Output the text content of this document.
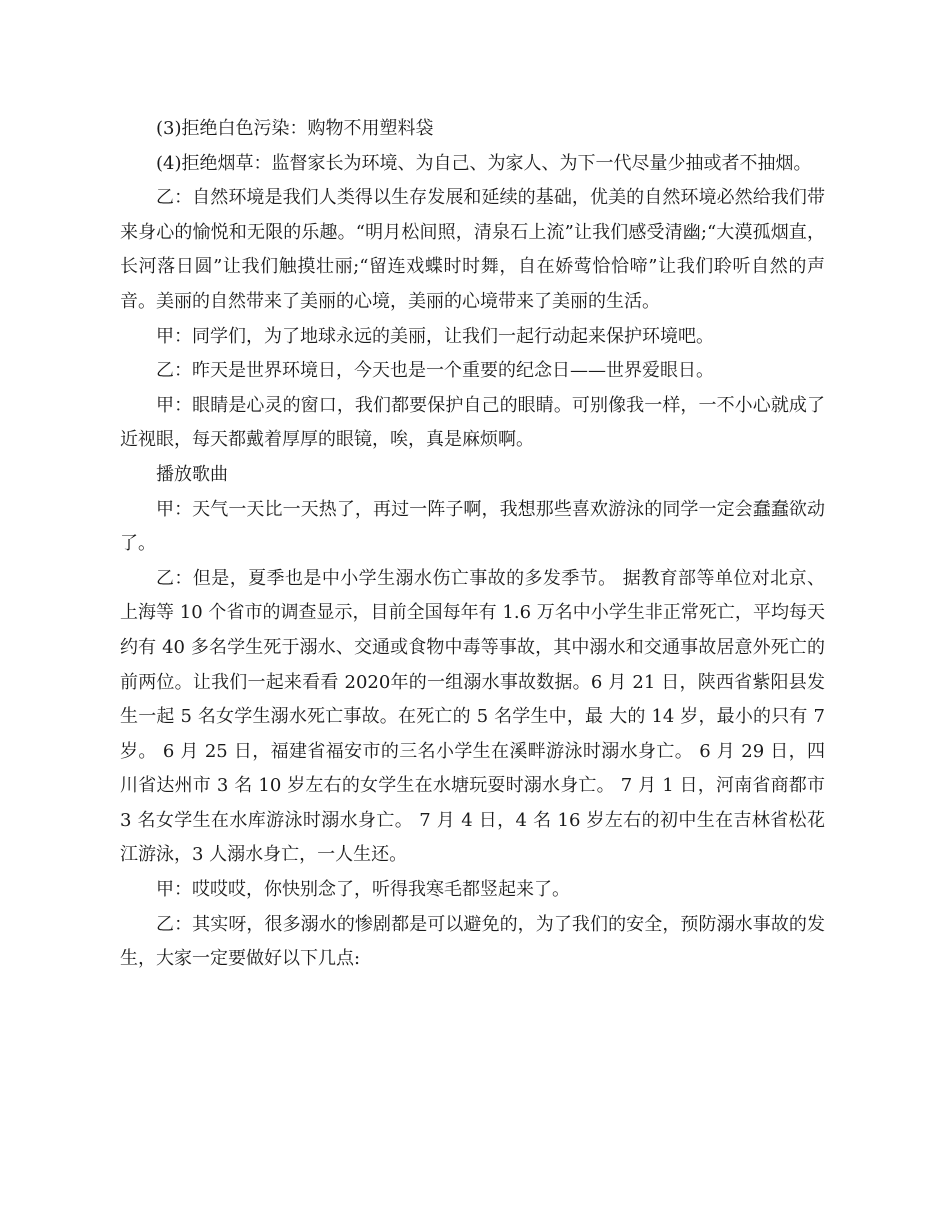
(3)拒绝白色污染：购物不用塑料袋

(4)拒绝烟草：监督家长为环境、为自己、为家人、为下一代尽量少抽或者不抽烟。

乙：自然环境是我们人类得以生存发展和延续的基础，优美的自然环境必然给我们带来身心的愉悦和无限的乐趣。“明月松间照，清泉石上流”让我们感受清幽;“大漠孤烟直，长河落日圆”让我们触摸壮丽;“留连戏蝶时时舞，自在娇莺恰恰啼”让我们聆听自然的声音。美丽的自然带来了美丽的心境，美丽的心境带来了美丽的生活。

甲：同学们，为了地球永远的美丽，让我们一起行动起来保护环境吧。

乙：昨天是世界环境日，今天也是一个重要的纪念日——世界爱眼日。

甲：眼睛是心灵的窗口，我们都要保护自己的眼睛。可别像我一样，一不小心就成了近视眼，每天都戴着厚厚的眼镜，唉，真是麻烦啊。

播放歌曲

甲：天气一天比一天热了，再过一阵子啊，我想那些喜欢游泳的同学一定会蠢蠢欲动了。

乙：但是，夏季也是中小学生溺水伤亡事故的多发季节。 据教育部等单位对北京、上海等 10 个省市的调查显示，目前全国每年有 1.6 万名中小学生非正常死亡，平均每天约有 40 多名学生死于溺水、交通或食物中毒等事故，其中溺水和交通事故居意外死亡的前两位。让我们一起来看看 2020年的一组溺水事故数据。6 月 21 日，陕西省紫阳县发生一起 5 名女学生溺水死亡事故。在死亡的 5 名学生中，最 大的 14 岁，最小的只有 7 岁。 6 月 25 日，福建省福安市的三名小学生在溪畔游泳时溺水身亡。 6 月 29 日，四川省达州市 3 名 10 岁左右的女学生在水塘玩耍时溺水身亡。 7 月 1 日，河南省商都市 3 名女学生在水库游泳时溺水身亡。 7 月 4 日，4 名 16 岁左右的初中生在吉林省松花江游泳，3 人溺水身亡，一人生还。

甲：哎哎哎，你快别念了，听得我寒毛都竖起来了。

乙：其实呀，很多溺水的惨剧都是可以避免的，为了我们的安全，预防溺水事故的发生，大家一定要做好以下几点:
